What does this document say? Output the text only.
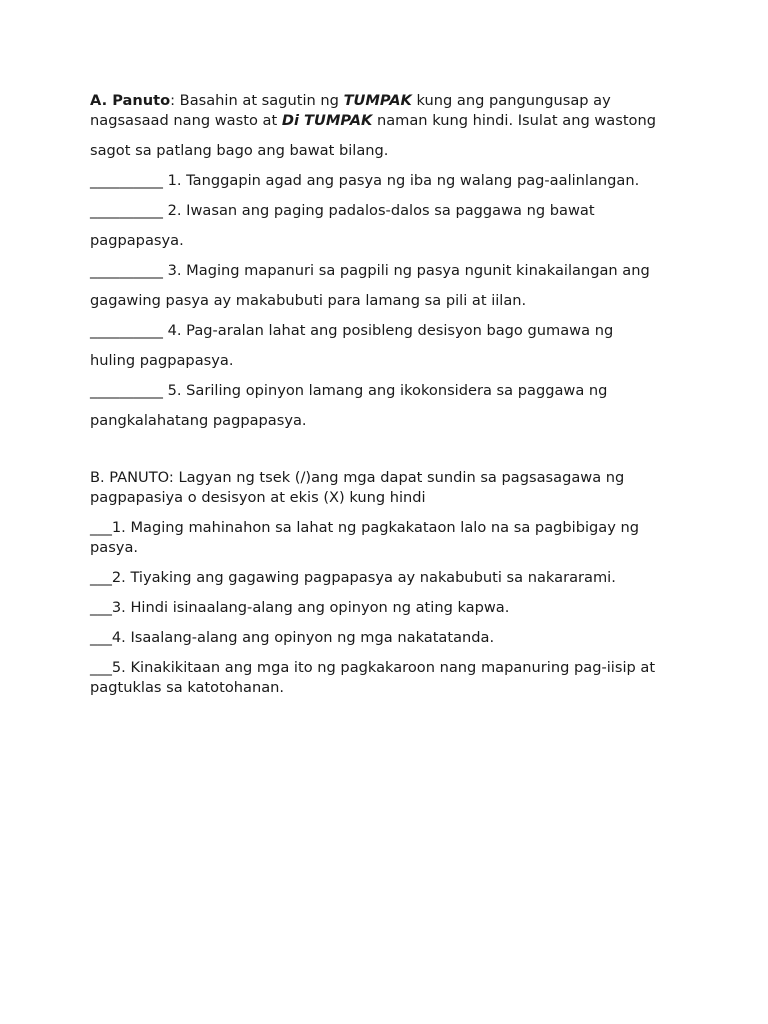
A. Panuto: Basahin at sagutin ng TUMPAK kung ang pangungusap ay
nagsasaad nang wasto at Di TUMPAK naman kung hindi. Isulat ang wastong
sagot sa patlang bago ang bawat bilang.
__________ 1. Tanggapin agad ang pasya ng iba ng walang pag-aalinlangan.
__________ 2. Iwasan ang paging padalos-dalos sa paggawa ng bawat
pagpapasya.
__________ 3. Maging mapanuri sa pagpili ng pasya ngunit kinakailangan ang
gagawing pasya ay makabubuti para lamang sa pili at iilan.
__________ 4. Pag-aralan lahat ang posibleng desisyon bago gumawa ng
huling pagpapasya.
__________ 5. Sariling opinyon lamang ang ikokonsidera sa paggawa ng
pangkalahatang pagpapasya.
B. PANUTO: Lagyan ng tsek (/)ang mga dapat sundin sa pagsasagawa ng
pagpapasiya o desisyon at ekis (X) kung hindi
___1. Maging mahinahon sa lahat ng pagkakataon lalo na sa pagbibigay ng
pasya.
___2. Tiyaking ang gagawing pagpapasya ay nakabubuti sa nakararami.
___3. Hindi isinaalang-alang ang opinyon ng ating kapwa.
___4. Isaalang-alang ang opinyon ng mga nakatatanda.
___5. Kinakikitaan ang mga ito ng pagkakaroon nang mapanuring pag-iisip at
pagtuklas sa katotohanan.
